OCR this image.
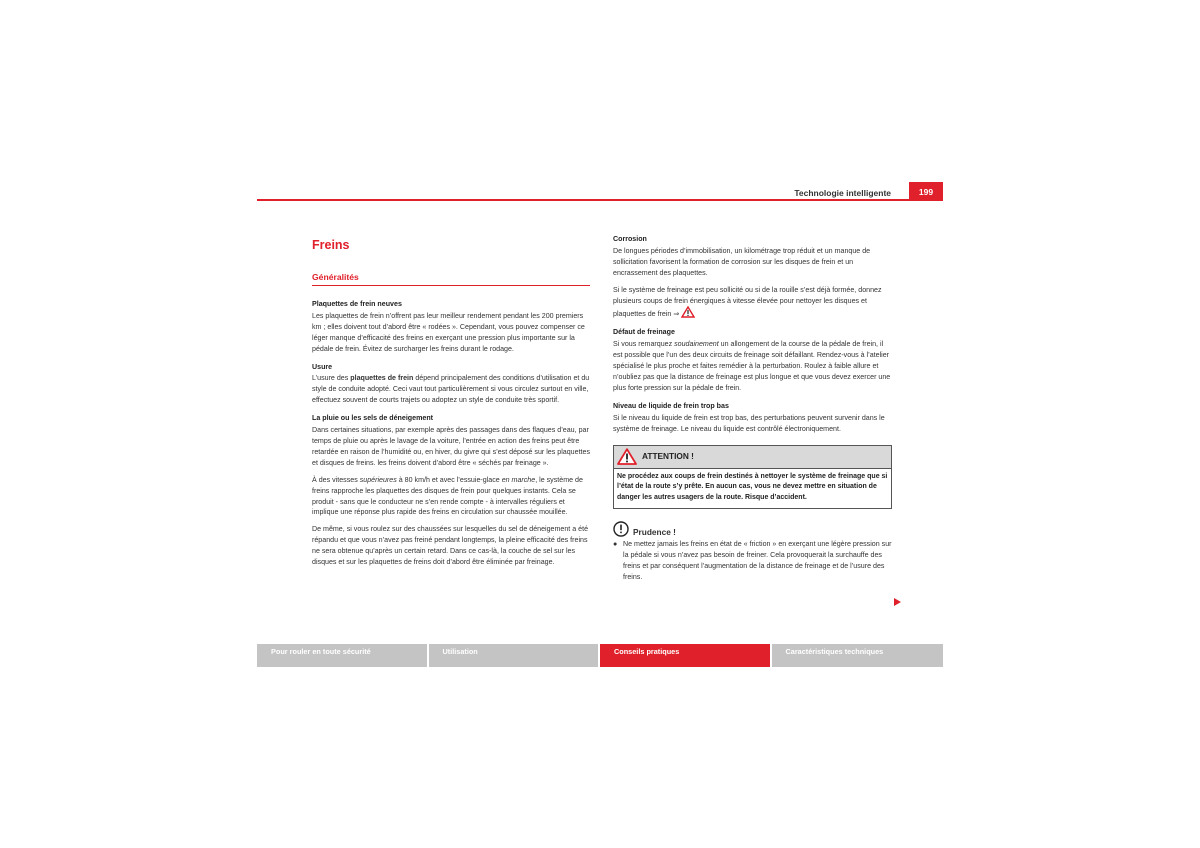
Technologie intelligente	199
Freins
Généralités
Plaquettes de frein neuves

Les plaquettes de frein n’offrent pas leur meilleur rendement pendant les 200 premiers km ; elles doivent tout d’abord être « rodées ». Cependant, vous pouvez compenser ce léger manque d’efficacité des freins en exerçant une pression plus importante sur la pédale de frein. Évitez de surcharger les freins durant le rodage.

Usure

L’usure des plaquettes de frein dépend principalement des conditions d’utilisation et du style de conduite adopté. Ceci vaut tout particulièrement si vous circulez surtout en ville, effectuez souvent de courts trajets ou adoptez un style de conduite très sportif.

La pluie ou les sels de déneigement

Dans certaines situations, par exemple après des passages dans des flaques d’eau, par temps de pluie ou après le lavage de la voiture, l’entrée en action des freins peut être retardée en raison de l’humidité ou, en hiver, du givre qui s’est déposé sur les plaquettes et disques de freins. les freins doivent d’abord être « séchés par freinage ».

À des vitesses supérieures à 80 km/h et avec l’essuie-glace en marche, le système de freins rapproche les plaquettes des disques de frein pour quelques instants. Cela se produit - sans que le conducteur ne s’en rende compte - à intervalles réguliers et implique une réponse plus rapide des freins en circulation sur chaussée mouillée.

De même, si vous roulez sur des chaussées sur lesquelles du sel de déneigement a été répandu et que vous n’avez pas freiné pendant longtemps, la pleine efficacité des freins ne sera obtenue qu’après un certain retard. Dans ce cas-là, la couche de sel sur les disques et sur les plaquettes de freins doit d’abord être éliminée par freinage.

Corrosion

De longues périodes d’immobilisation, un kilométrage trop réduit et un manque de sollicitation favorisent la formation de corrosion sur les disques de frein et un encrassement des plaquettes.

Si le système de freinage est peu sollicité ou si de la rouille s’est déjà formée, donnez plusieurs coups de frein énergiques à vitesse élevée pour nettoyer les disques et plaquettes de frein ⇒

Défaut de freinage

Si vous remarquez soudainement un allongement de la course de la pédale de frein, il est possible que l’un des deux circuits de freinage soit défaillant. Rendez-vous à l’atelier spécialisé le plus proche et faites remédier à la perturbation. Roulez à faible allure et n’oubliez pas que la distance de freinage est plus longue et que vous devez exercer une plus forte pression sur la pédale de frein.

Niveau de liquide de frein trop bas

Si le niveau du liquide de frein est trop bas, des perturbations peuvent survenir dans le système de freinage. Le niveau du liquide est contrôlé électroniquement.

ATTENTION !
Ne procédez aux coups de frein destinés à nettoyer le système de freinage que si l’état de la route s’y prête. En aucun cas, vous ne devez mettre en situation de danger les autres usagers de la route. Risque d’accident.
Prudence !
● Ne mettez jamais les freins en état de « friction » en exerçant une légère pression sur la pédale si vous n’avez pas besoin de freiner. Cela provoquerait la surchauffe des freins et par conséquent l’augmentation de la distance de freinage et de l’usure des freins.
Pour rouler en toute sécurité	Utilisation	Conseils pratiques	Caractéristiques techniques
